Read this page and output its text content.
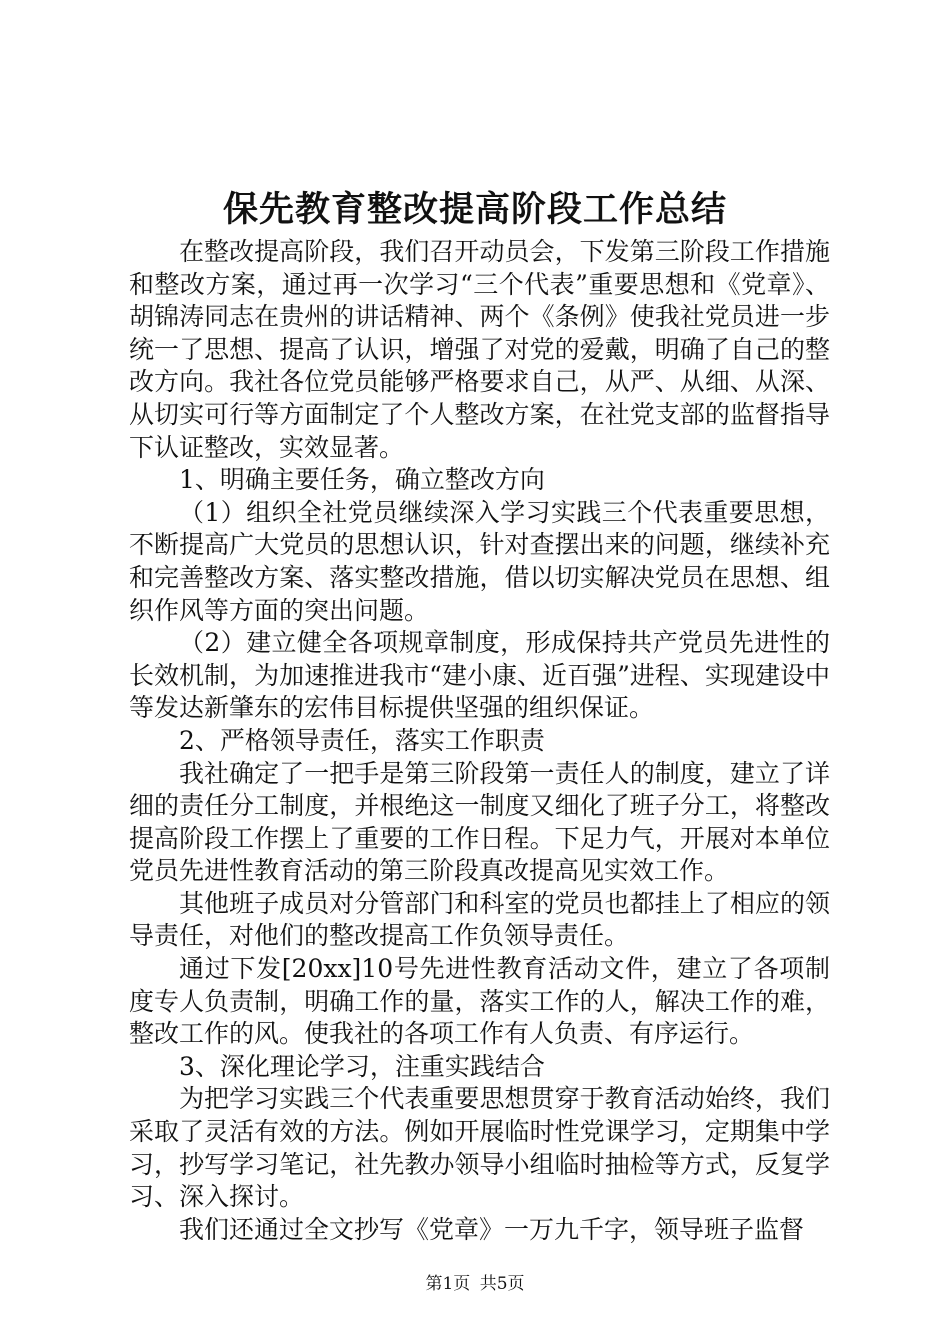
保先教育整改提高阶段工作总结

在整改提高阶段，我们召开动员会，下发第三阶段工作措施和整改方案，通过再一次学习“三个代表”重要思想和《党章》、胡锦涛同志在贵州的讲话精神、两个《条例》使我社党员进一步统一了思想、提高了认识，增强了对党的爱戴，明确了自己的整改方向。我社各位党员能够严格要求自己，从严、从细、从深、从切实可行等方面制定了个人整改方案，在社党支部的监督指导下认证整改，实效显著。

1、明确主要任务，确立整改方向

（1）组织全社党员继续深入学习实践三个代表重要思想，不断提高广大党员的思想认识，针对查摆出来的问题，继续补充和完善整改方案、落实整改措施，借以切实解决党员在思想、组织作风等方面的突出问题。

（2）建立健全各项规章制度，形成保持共产党员先进性的长效机制，为加速推进我市“建小康、近百强”进程、实现建设中等发达新肇东的宏伟目标提供坚强的组织保证。

2、严格领导责任，落实工作职责

我社确定了一把手是第三阶段第一责任人的制度，建立了详细的责任分工制度，并根绝这一制度又细化了班子分工，将整改提高阶段工作摆上了重要的工作日程。下足力气，开展对本单位党员先进性教育活动的第三阶段真改提高见实效工作。

其他班子成员对分管部门和科室的党员也都挂上了相应的领导责任，对他们的整改提高工作负领导责任。

通过下发[20xx]10号先进性教育活动文件，建立了各项制度专人负责制，明确工作的量，落实工作的人，解决工作的难，整改工作的风。使我社的各项工作有人负责、有序运行。

3、深化理论学习，注重实践结合

为把学习实践三个代表重要思想贯穿于教育活动始终，我们采取了灵活有效的方法。例如开展临时性党课学习，定期集中学习，抄写学习笔记，社先教办领导小组临时抽检等方式，反复学习、深入探讨。

我们还通过全文抄写《党章》一万九千字，领导班子监督

第1页 共5页
